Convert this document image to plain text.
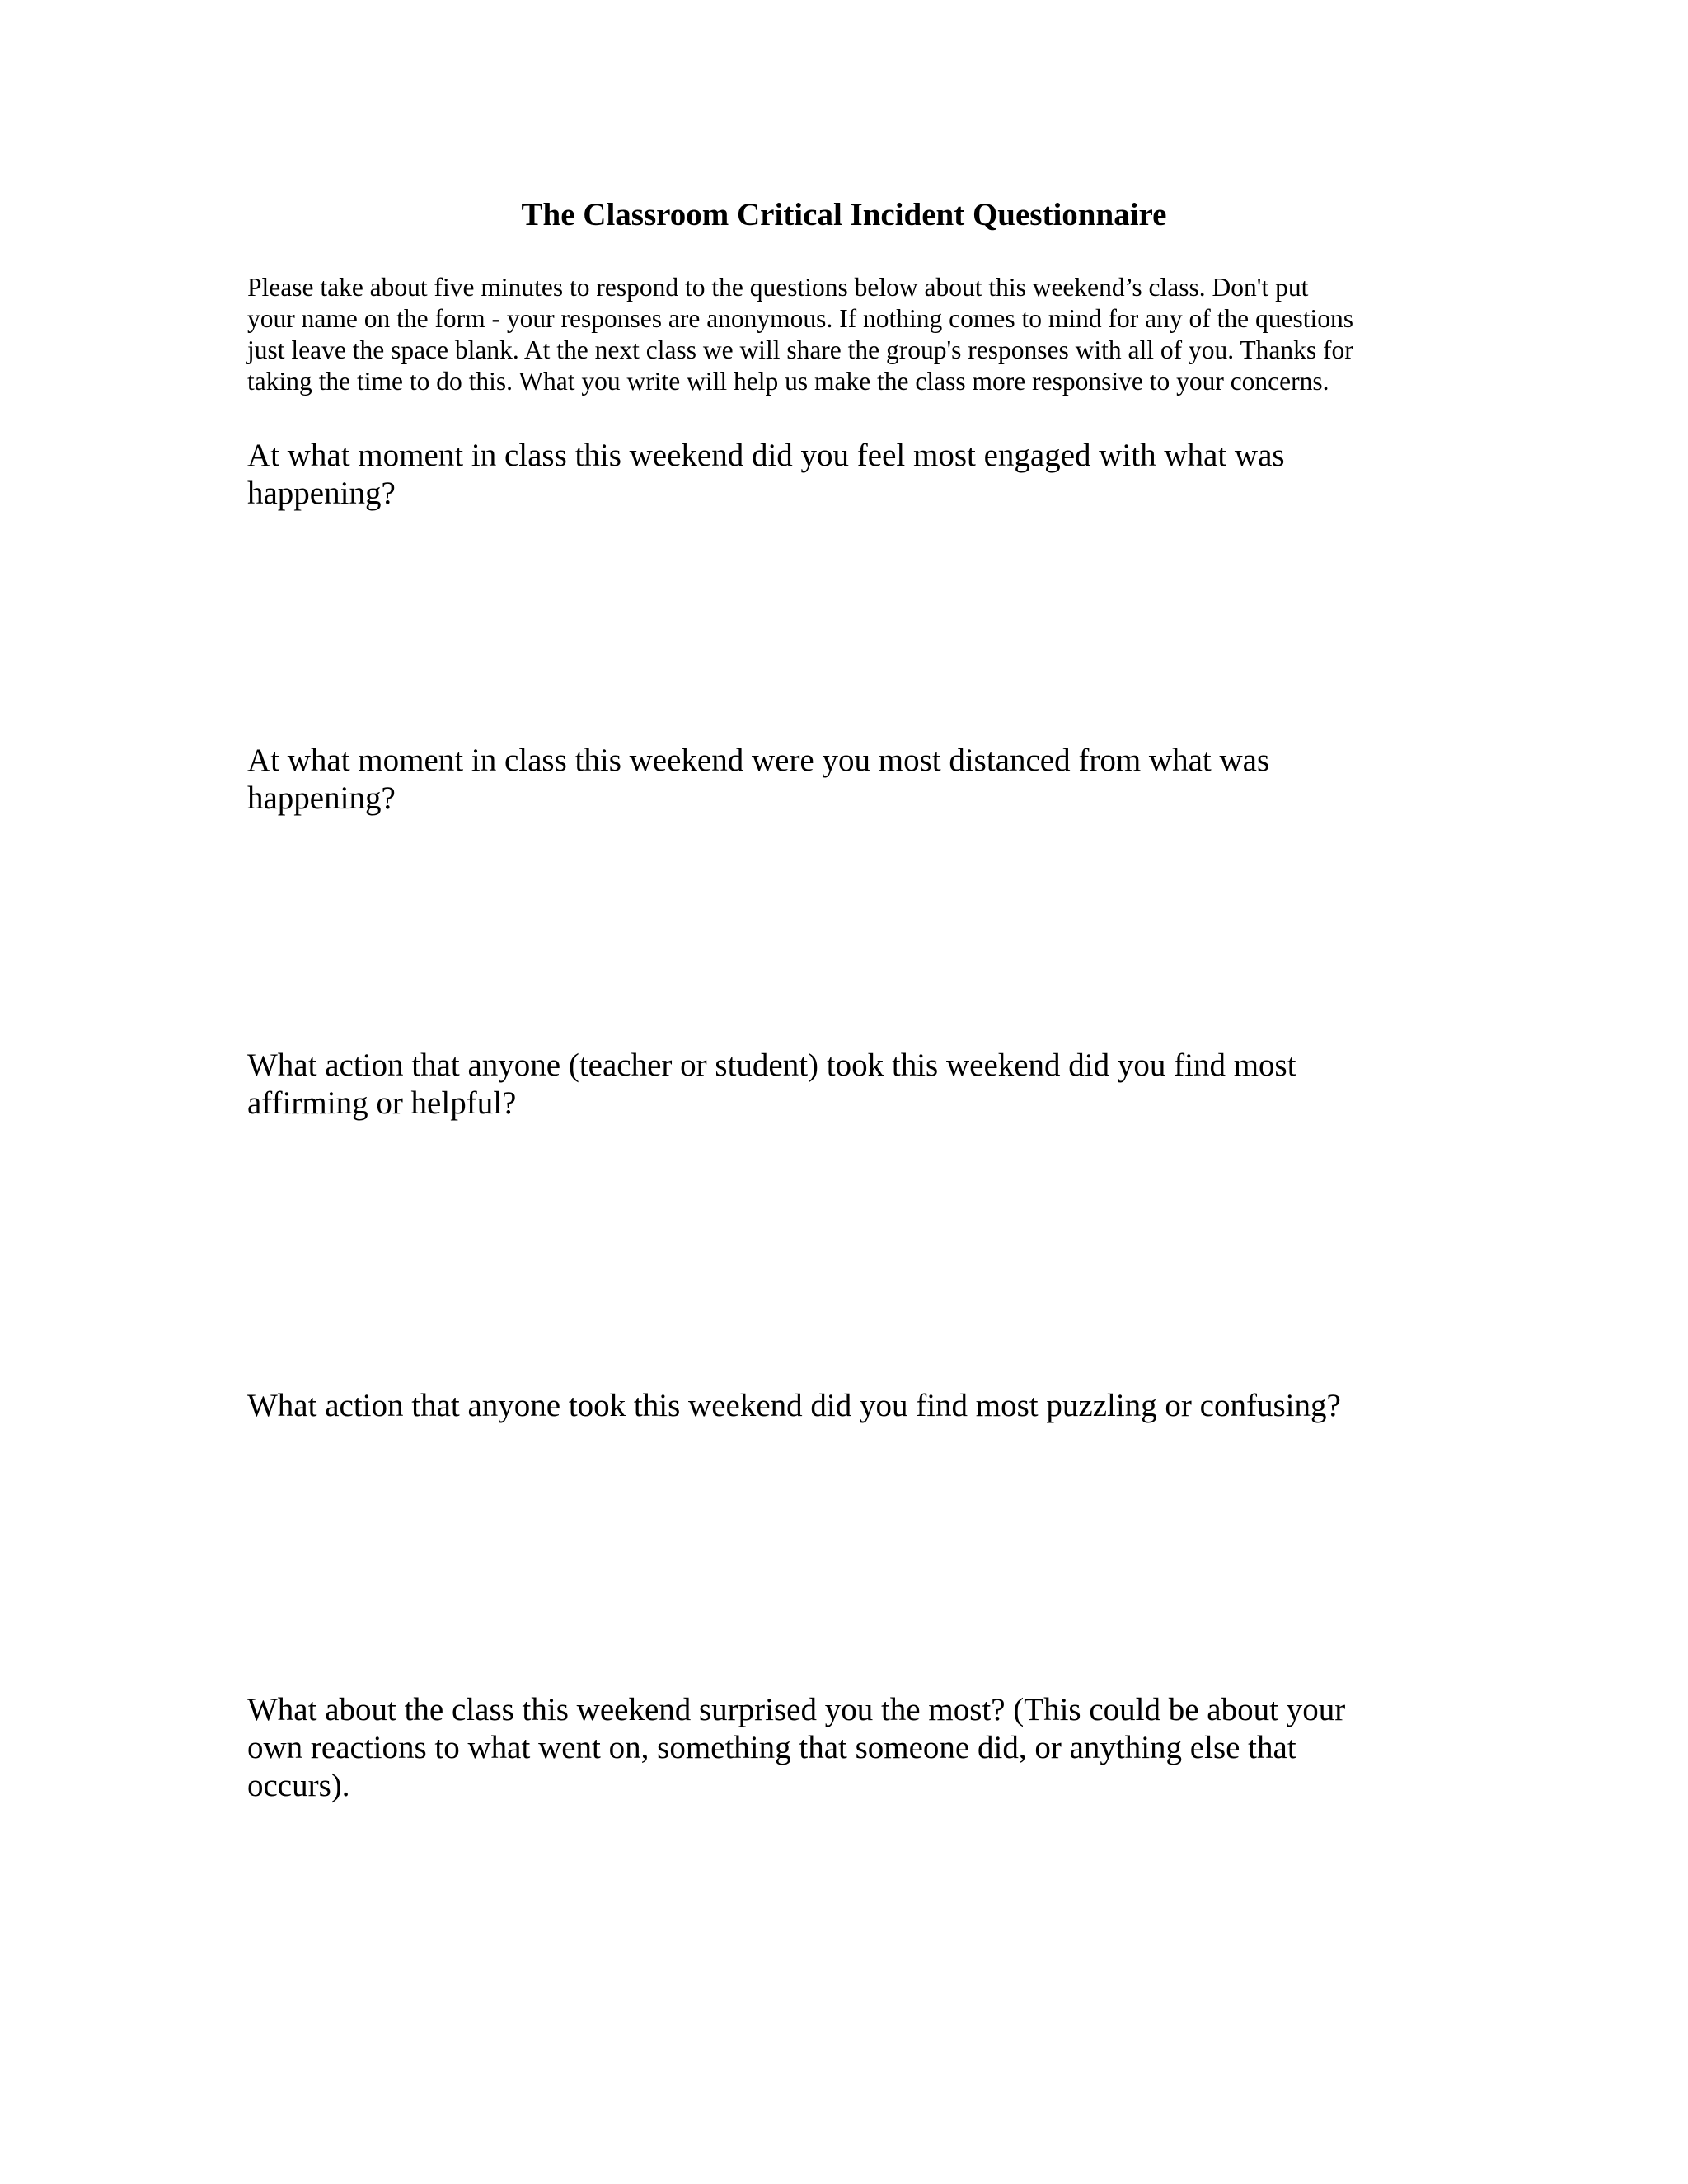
The Classroom Critical Incident Questionnaire

Please take about five minutes to respond to the questions below about this weekend’s class. Don't put
your name on the form - your responses are anonymous. If nothing comes to mind for any of the questions
just leave the space blank. At the next class we will share the group's responses with all of you. Thanks for
taking the time to do this. What you write will help us make the class more responsive to your concerns.

At what moment in class this weekend did you feel most engaged with what was
happening?

At what moment in class this weekend were you most distanced from what was
happening?

What action that anyone (teacher or student) took this weekend did you find most
affirming or helpful?

What action that anyone took this weekend did you find most puzzling or confusing?

What about the class this weekend surprised you the most? (This could be about your
own reactions to what went on, something that someone did, or anything else that
occurs).
